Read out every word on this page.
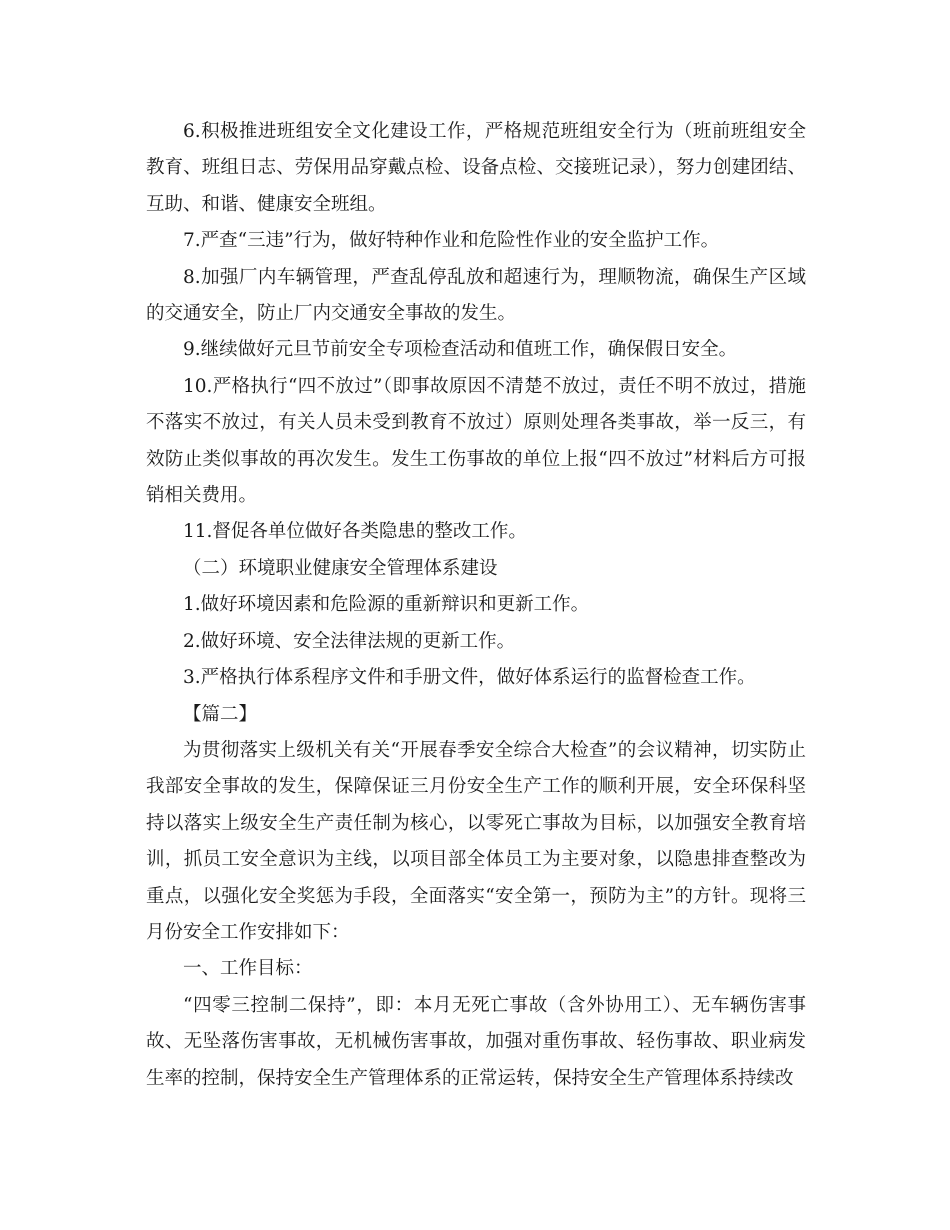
6.积极推进班组安全文化建设工作，严格规范班组安全行为（班前班组安全教育、班组日志、劳保用品穿戴点检、设备点检、交接班记录），努力创建团结、互助、和谐、健康安全班组。

7.严查“三违”行为，做好特种作业和危险性作业的安全监护工作。

8.加强厂内车辆管理，严查乱停乱放和超速行为，理顺物流，确保生产区域的交通安全，防止厂内交通安全事故的发生。

9.继续做好元旦节前安全专项检查活动和值班工作，确保假日安全。

10.严格执行“四不放过”（即事故原因不清楚不放过，责任不明不放过，措施不落实不放过，有关人员未受到教育不放过）原则处理各类事故，举一反三，有效防止类似事故的再次发生。发生工伤事故的单位上报“四不放过”材料后方可报销相关费用。

11.督促各单位做好各类隐患的整改工作。

（二）环境职业健康安全管理体系建设

1.做好环境因素和危险源的重新辩识和更新工作。

2.做好环境、安全法律法规的更新工作。

3.严格执行体系程序文件和手册文件，做好体系运行的监督检查工作。

【篇二】

为贯彻落实上级机关有关“开展春季安全综合大检查”的会议精神，切实防止我部安全事故的发生，保障保证三月份安全生产工作的顺利开展，安全环保科坚持以落实上级安全生产责任制为核心，以零死亡事故为目标，以加强安全教育培训，抓员工安全意识为主线，以项目部全体员工为主要对象，以隐患排查整改为重点，以强化安全奖惩为手段，全面落实“安全第一，预防为主”的方针。现将三月份安全工作安排如下：

一、工作目标：

“四零三控制二保持”，即：本月无死亡事故（含外协用工）、无车辆伤害事故、无坠落伤害事故，无机械伤害事故，加强对重伤事故、轻伤事故、职业病发生率的控制，保持安全生产管理体系的正常运转，保持安全生产管理体系持续改
